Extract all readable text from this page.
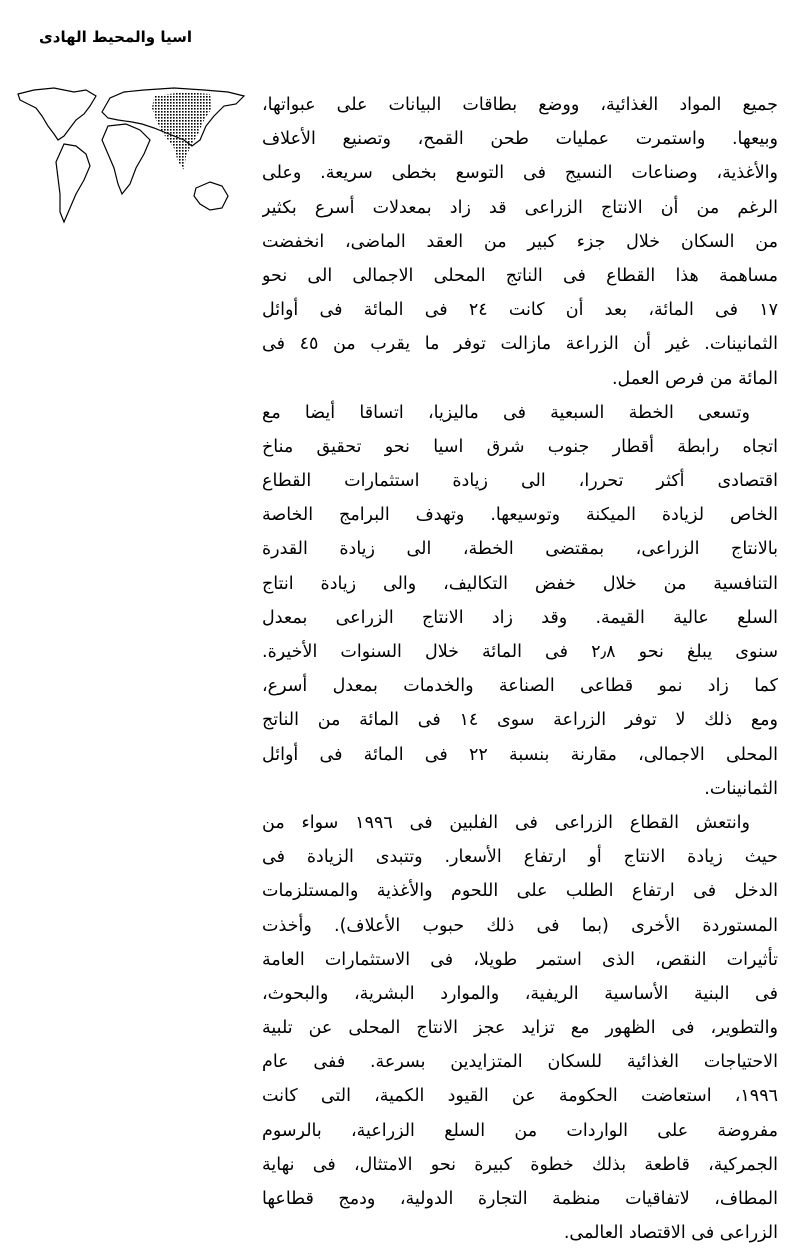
اسيا والمحيط الهادى
جميع المواد الغذائية، ووضع بطاقات البيانات على عبواتها،
وبيعها. واستمرت عمليات طحن القمح، وتصنيع الأعلاف
والأغذية، وصناعات النسيج فى التوسع بخطى سريعة. وعلى
الرغم من أن الانتاج الزراعى قد زاد بمعدلات أسرع بكثير
من السكان خلال جزء كبير من العقد الماضى، انخفضت
مساهمة هذا القطاع فى الناتج المحلى الاجمالى الى نحو
١٧ فى المائة، بعد أن كانت ٢٤ فى المائة فى أوائل
الثمانينات. غير أن الزراعة مازالت توفر ما يقرب من ٤٥ فى
المائة من فرص العمل.
وتسعى الخطة السبعية فى ماليزيا، اتساقا أيضا مع
اتجاه رابطة أقطار جنوب شرق اسيا نحو تحقيق مناخ
اقتصادى أكثر تحررا، الى زيادة استثمارات القطاع
الخاص لزيادة الميكنة وتوسيعها. وتهدف البرامج الخاصة
بالانتاج الزراعى، بمقتضى الخطة، الى زيادة القدرة
التنافسية من خلال خفض التكاليف، والى زيادة انتاج
السلع عالية القيمة. وقد زاد الانتاج الزراعى بمعدل
سنوى يبلغ نحو ٢٫٨ فى المائة خلال السنوات الأخيرة.
كما زاد نمو قطاعى الصناعة والخدمات بمعدل أسرع،
ومع ذلك لا توفر الزراعة سوى ١٤ فى المائة من الناتج
المحلى الاجمالى، مقارنة بنسبة ٢٢ فى المائة فى أوائل
الثمانينات.
وانتعش القطاع الزراعى فى الفلبين فى ١٩٩٦ سواء من
حيث زيادة الانتاج أو ارتفاع الأسعار. وتتبدى الزيادة فى
الدخل فى ارتفاع الطلب على اللحوم والأغذية والمستلزمات
المستوردة الأخرى (بما فى ذلك حبوب الأعلاف). وأخذت
تأثيرات النقص، الذى استمر طويلا، فى الاستثمارات العامة
فى البنية الأساسية الريفية، والموارد البشرية، والبحوث،
والتطوير، فى الظهور مع تزايد عجز الانتاج المحلى عن تلبية
الاحتياجات الغذائية للسكان المتزايدين بسرعة. ففى عام
١٩٩٦، استعاضت الحكومة عن القيود الكمية، التى كانت
مفروضة على الواردات من السلع الزراعية، بالرسوم
الجمركية، قاطعة بذلك خطوة كبيرة نحو الامتثال، فى نهاية
المطاف، لاتفاقيات منظمة التجارة الدولية، ودمج قطاعها
الزراعى فى الاقتصاد العالمى.
